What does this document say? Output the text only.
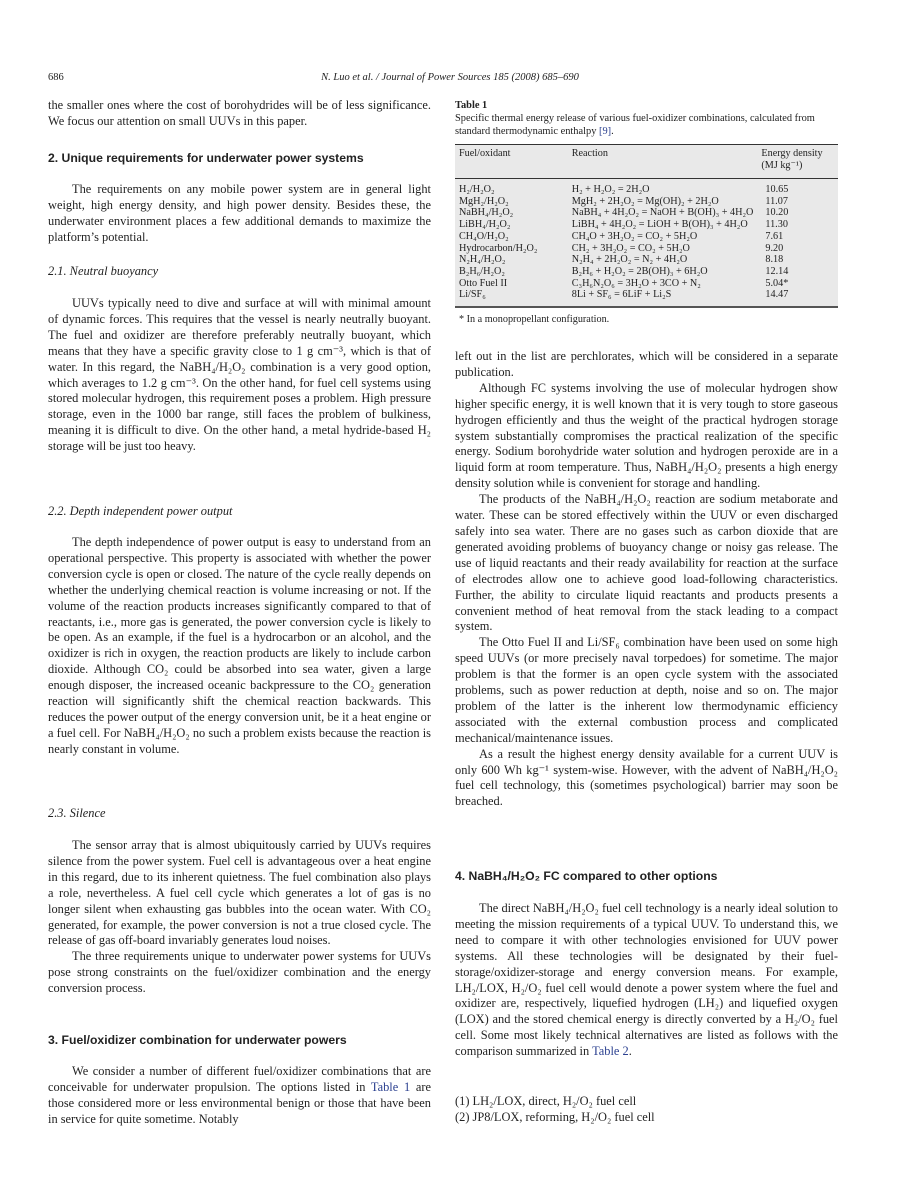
686	N. Luo et al. / Journal of Power Sources 185 (2008) 685–690

the smaller ones where the cost of borohydrides will be of less significance. We focus our attention on small UUVs in this paper.

2. Unique requirements for underwater power systems

The requirements on any mobile power system are in general light weight, high energy density, and high power density. Besides these, the underwater environment places a few additional demands to maximize the platform’s potential.

2.1. Neutral buoyancy

UUVs typically need to dive and surface at will with minimal amount of dynamic forces. This requires that the vessel is nearly neutrally buoyant. The fuel and oxidizer are therefore preferably neutrally buoyant, which means that they have a specific gravity close to 1 g cm⁻³, which is that of water. In this regard, the NaBH₄/H₂O₂ combination is a very good option, which averages to 1.2 g cm⁻³. On the other hand, for fuel cell systems using stored molecular hydrogen, this requirement poses a problem. High pressure storage, even in the 1000 bar range, still faces the problem of bulkiness, meaning it is difficult to dive. On the other hand, a metal hydride-based H₂ storage will be just too heavy.

2.2. Depth independent power output

The depth independence of power output is easy to understand from an operational perspective. This property is associated with whether the power conversion cycle is open or closed. The nature of the cycle really depends on whether the underlying chemical reaction is volume increasing or not. If the volume of the reaction products increases significantly compared to that of reactants, i.e., more gas is generated, the power conversion cycle is likely to be open. As an example, if the fuel is a hydrocarbon or an alcohol, and the oxidizer is rich in oxygen, the reaction products are likely to include carbon dioxide. Although CO₂ could be absorbed into sea water, given a large enough disposer, the increased oceanic backpressure to the CO₂ generation reaction will significantly shift the chemical reaction backwards. This reduces the power output of the energy conversion unit, be it a heat engine or a fuel cell. For NaBH₄/H₂O₂ no such a problem exists because the reaction is nearly constant in volume.

2.3. Silence

The sensor array that is almost ubiquitously carried by UUVs requires silence from the power system. Fuel cell is advantageous over a heat engine in this regard, due to its inherent quietness. The fuel combination also plays a role, nevertheless. A fuel cell cycle which generates a lot of gas is no longer silent when exhausting gas bubbles into the ocean water. With CO₂ generated, for example, the power conversion is not a true closed cycle. The release of gas off-board invariably generates loud noises.

The three requirements unique to underwater power systems for UUVs pose strong constraints on the fuel/oxidizer combination and the energy conversion process.

3. Fuel/oxidizer combination for underwater powers

We consider a number of different fuel/oxidizer combinations that are conceivable for underwater propulsion. The options listed in Table 1 are those considered more or less environmental benign or those that have been in service for quite sometime. Notably

Table 1
Specific thermal energy release of various fuel-oxidizer combinations, calculated from standard thermodynamic enthalpy [9].
Fuel/oxidant	Reaction	Energy density (MJ kg⁻¹)
H₂/H₂O₂	H₂ + H₂O₂ = 2H₂O	10.65
MgH₂/H₂O₂	MgH₂ + 2H₂O₂ = Mg(OH)₂ + 2H₂O	11.07
NaBH₄/H₂O₂	NaBH₄ + 4H₂O₂ = NaOH + B(OH)₃ + 4H₂O	10.20
LiBH₄/H₂O₂	LiBH₄ + 4H₂O₂ = LiOH + B(OH)₃ + 4H₂O	11.30
CH₄O/H₂O₂	CH₄O + 3H₂O₂ = CO₂ + 5H₂O	7.61
Hydrocarbon/H₂O₂	CH₂ + 3H₂O₂ = CO₂ + 5H₂O	9.20
N₂H₄/H₂O₂	N₂H₄ + 2H₂O₂ = N₂ + 4H₂O	8.18
B₂H₆/H₂O₂	B₂H₆ + H₂O₂ = 2B(OH)₃ + 6H₂O	12.14
Otto Fuel II	C₃H₆N₂O₆ = 3H₂O + 3CO + N₂	5.04*
Li/SF₆	8Li + SF₆ = 6LiF + Li₂S	14.47
* In a monopropellant configuration.

left out in the list are perchlorates, which will be considered in a separate publication.

Although FC systems involving the use of molecular hydrogen show higher specific energy, it is well known that it is very tough to store gaseous hydrogen efficiently and thus the weight of the practical hydrogen storage system substantially compromises the practical realization of the specific energy. Sodium borohydride water solution and hydrogen peroxide are in a liquid form at room temperature. Thus, NaBH₄/H₂O₂ presents a high energy density solution while is convenient for storage and handling.

The products of the NaBH₄/H₂O₂ reaction are sodium metaborate and water. These can be stored effectively within the UUV or even discharged safely into sea water. There are no gases such as carbon dioxide that are generated avoiding problems of buoyancy change or noisy gas release. The use of liquid reactants and their ready availability for reaction at the surface of electrodes allow one to achieve good load-following characteristics. Further, the ability to circulate liquid reactants and products presents a convenient method of heat removal from the stack leading to a compact system.

The Otto Fuel II and Li/SF₆ combination have been used on some high speed UUVs (or more precisely naval torpedoes) for sometime. The major problem is that the former is an open cycle system with the associated problems, such as power reduction at depth, noise and so on. The major problem of the latter is the inherent low thermodynamic efficiency associated with the external combustion process and complicated mechanical/maintenance issues.

As a result the highest energy density available for a current UUV is only 600 Wh kg⁻¹ system-wise. However, with the advent of NaBH₄/H₂O₂ fuel cell technology, this (sometimes psychological) barrier may soon be breached.

4. NaBH₄/H₂O₂ FC compared to other options

The direct NaBH₄/H₂O₂ fuel cell technology is a nearly ideal solution to meeting the mission requirements of a typical UUV. To understand this, we need to compare it with other technologies envisioned for UUV power systems. All these technologies will be designated by their fuel-storage/oxidizer-storage and energy conversion means. For example, LH₂/LOX, H₂/O₂ fuel cell would denote a power system where the fuel and oxidizer are, respectively, liquefied hydrogen (LH₂) and liquefied oxygen (LOX) and the stored chemical energy is directly converted by a H₂/O₂ fuel cell. Some most likely technical alternatives are listed as follows with the comparison summarized in Table 2.

(1) LH₂/LOX, direct, H₂/O₂ fuel cell

(2) JP8/LOX, reforming, H₂/O₂ fuel cell
